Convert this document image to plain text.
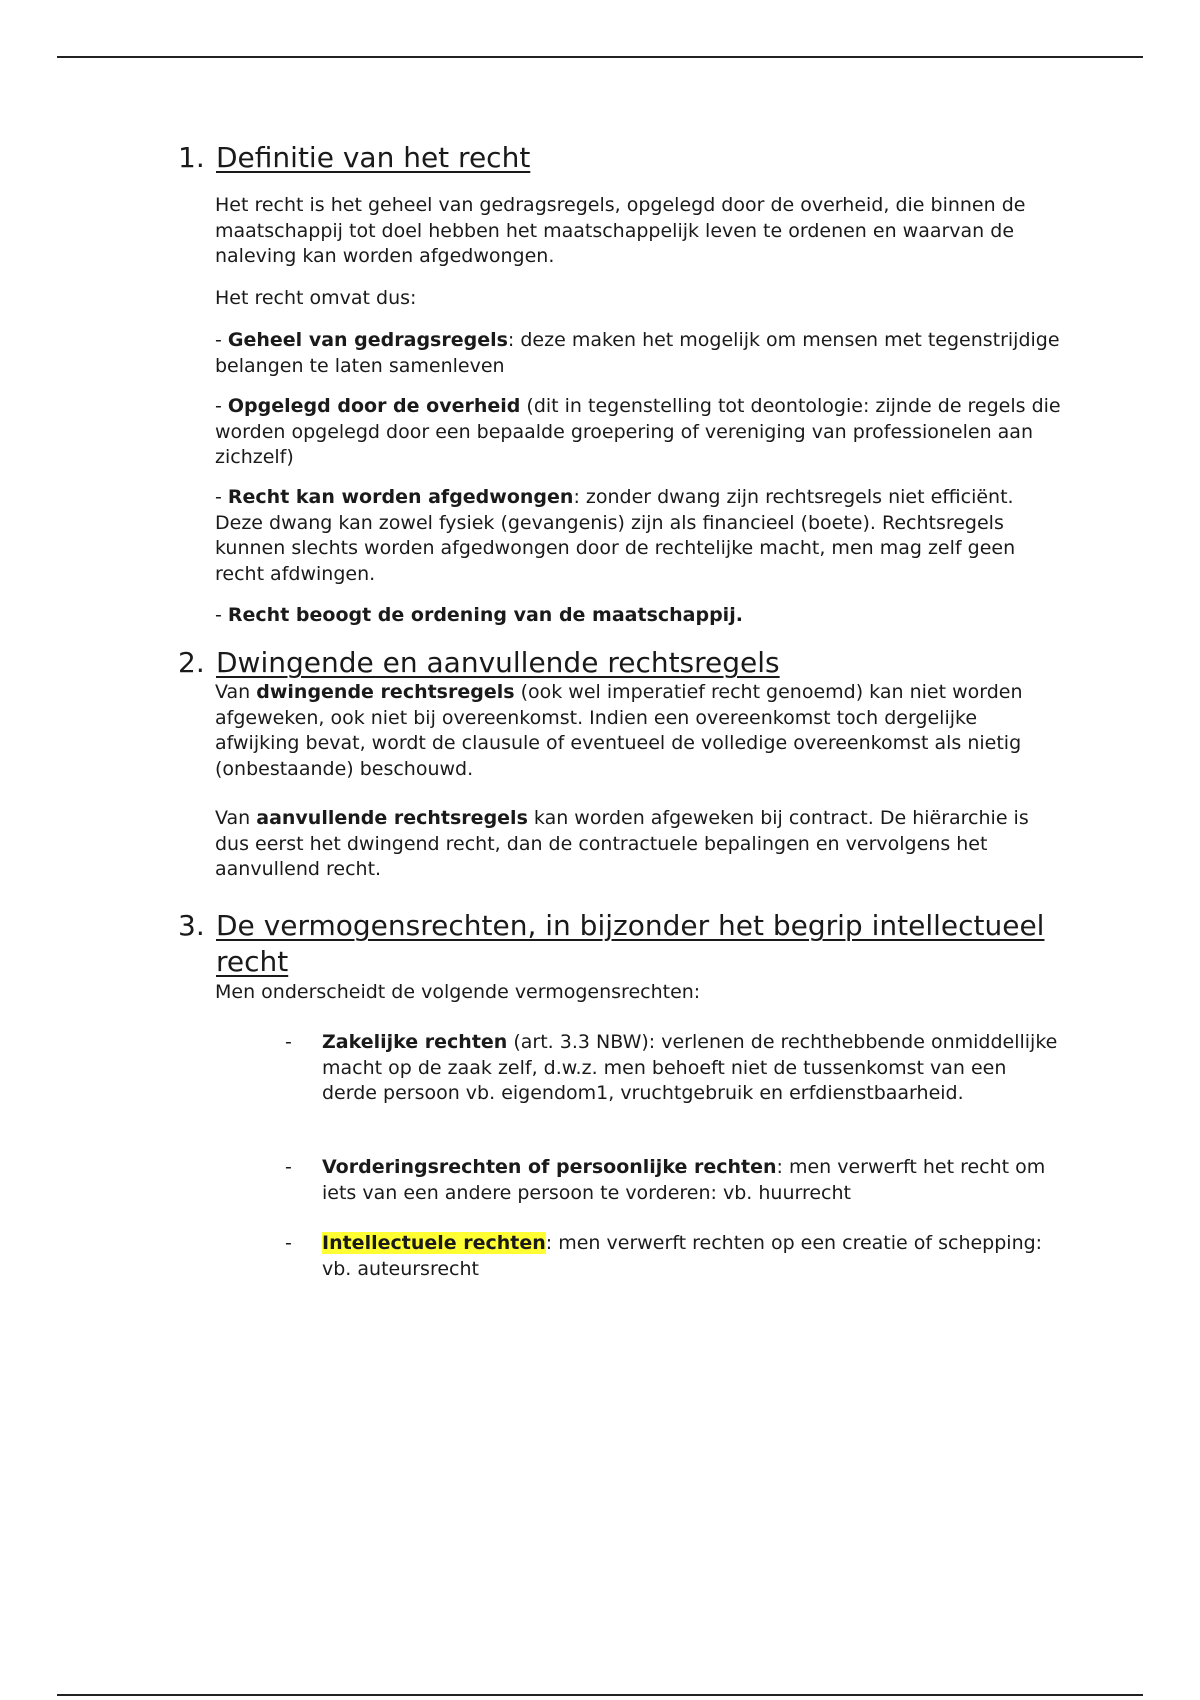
1. Definitie van het recht

Het recht is het geheel van gedragsregels, opgelegd door de overheid, die binnen de maatschappij tot doel hebben het maatschappelijk leven te ordenen en waarvan de naleving kan worden afgedwongen.

Het recht omvat dus:

- Geheel van gedragsregels: deze maken het mogelijk om mensen met tegenstrijdige belangen te laten samenleven

- Opgelegd door de overheid (dit in tegenstelling tot deontologie: zijnde de regels die worden opgelegd door een bepaalde groepering of vereniging van professionelen aan zichzelf)

- Recht kan worden afgedwongen: zonder dwang zijn rechtsregels niet efficiënt. Deze dwang kan zowel fysiek (gevangenis) zijn als financieel (boete). Rechtsregels kunnen slechts worden afgedwongen door de rechtelijke macht, men mag zelf geen recht afdwingen.

- Recht beoogt de ordening van de maatschappij.

2. Dwingende en aanvullende rechtsregels

Van dwingende rechtsregels (ook wel imperatief recht genoemd) kan niet worden afgeweken, ook niet bij overeenkomst. Indien een overeenkomst toch dergelijke afwijking bevat, wordt de clausule of eventueel de volledige overeenkomst als nietig (onbestaande) beschouwd.

Van aanvullende rechtsregels kan worden afgeweken bij contract. De hiërarchie is dus eerst het dwingend recht, dan de contractuele bepalingen en vervolgens het aanvullend recht.

3. De vermogensrechten, in bijzonder het begrip intellectueel recht

Men onderscheidt de volgende vermogensrechten:

- Zakelijke rechten (art. 3.3 NBW): verlenen de rechthebbende onmiddellijke macht op de zaak zelf, d.w.z. men behoeft niet de tussenkomst van een derde persoon vb. eigendom1, vruchtgebruik en erfdienstbaarheid.
- Vorderingsrechten of persoonlijke rechten: men verwerft het recht om iets van een andere persoon te vorderen: vb. huurrecht
- Intellectuele rechten: men verwerft rechten op een creatie of schepping: vb. auteursrecht
